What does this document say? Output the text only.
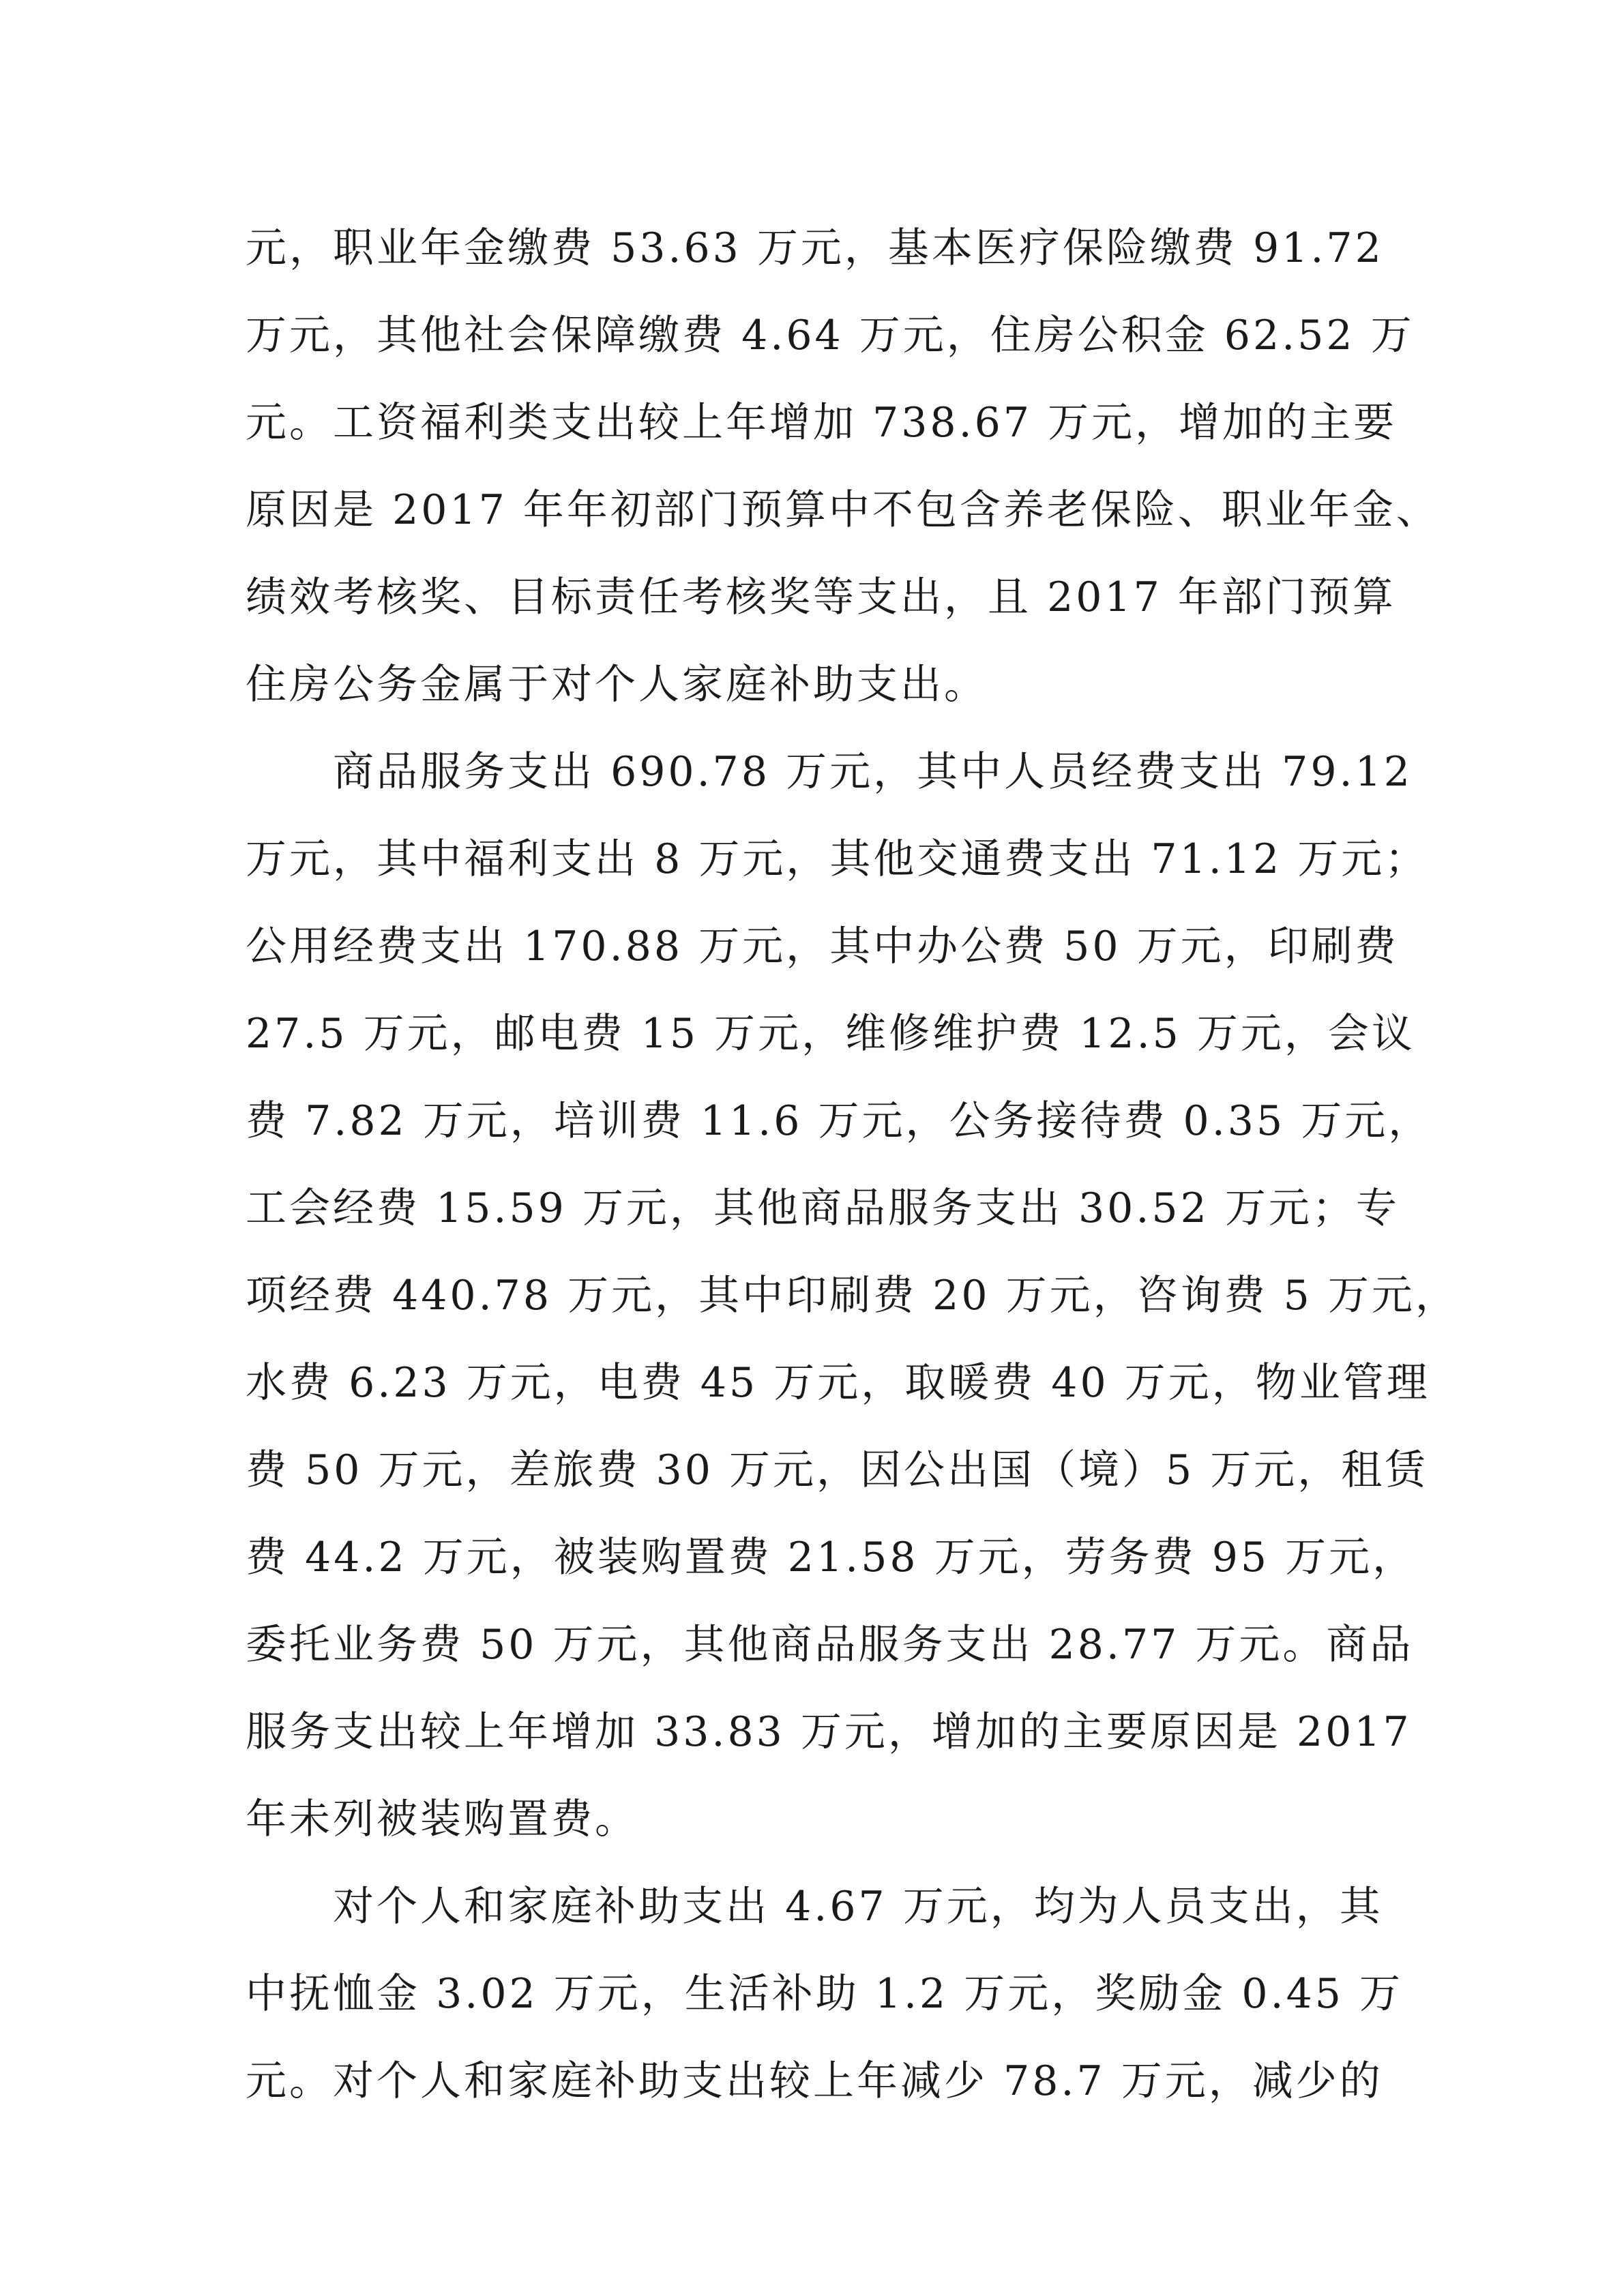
元，职业年金缴费 53.63 万元，基本医疗保险缴费 91.72
万元，其他社会保障缴费 4.64 万元，住房公积金 62.52 万
元。工资福利类支出较上年增加 738.67 万元，增加的主要
原因是 2017 年年初部门预算中不包含养老保险、职业年金、
绩效考核奖、目标责任考核奖等支出，且 2017 年部门预算
住房公务金属于对个人家庭补助支出。
　　商品服务支出 690.78 万元，其中人员经费支出 79.12
万元，其中福利支出 8 万元，其他交通费支出 71.12 万元；
公用经费支出 170.88 万元，其中办公费 50 万元，印刷费
27.5 万元，邮电费 15 万元，维修维护费 12.5 万元，会议
费 7.82 万元，培训费 11.6 万元，公务接待费 0.35 万元，
工会经费 15.59 万元，其他商品服务支出 30.52 万元；专
项经费 440.78 万元，其中印刷费 20 万元，咨询费 5 万元，
水费 6.23 万元，电费 45 万元，取暖费 40 万元，物业管理
费 50 万元，差旅费 30 万元，因公出国（境）5 万元，租赁
费 44.2 万元，被装购置费 21.58 万元，劳务费 95 万元，
委托业务费 50 万元，其他商品服务支出 28.77 万元。商品
服务支出较上年增加 33.83 万元，增加的主要原因是 2017
年未列被装购置费。
　　对个人和家庭补助支出 4.67 万元，均为人员支出，其
中抚恤金 3.02 万元，生活补助 1.2 万元，奖励金 0.45 万
元。对个人和家庭补助支出较上年减少 78.7 万元，减少的
